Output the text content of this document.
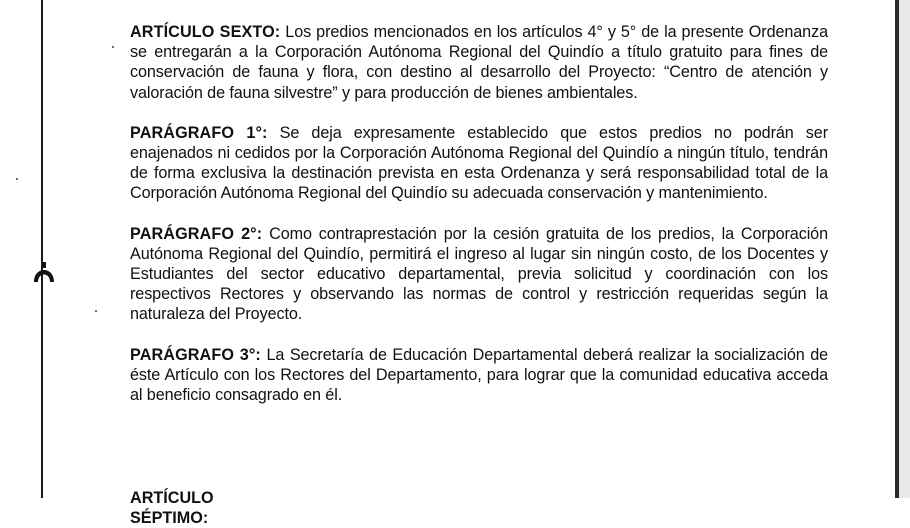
ARTÍCULO SEXTO: Los predios mencionados en los artículos 4° y 5° de la presente Ordenanza se entregarán a la Corporación Autónoma Regional del Quindío a título gratuito para fines de conservación de fauna y flora, con destino al desarrollo del Proyecto: “Centro de atención y valoración de fauna silvestre” y para producción de bienes ambientales.

PARÁGRAFO 1°: Se deja expresamente establecido que estos predios no podrán ser enajenados ni cedidos por la Corporación Autónoma Regional del Quindío a ningún título, tendrán de forma exclusiva la destinación prevista en esta Ordenanza y será responsabilidad total de la Corporación Autónoma Regional del Quindío su adecuada conservación y mantenimiento.

PARÁGRAFO 2°: Como contraprestación por la cesión gratuita de los predios, la Corporación Autónoma Regional del Quindío, permitirá el ingreso al lugar sin ningún costo, de los Docentes y Estudiantes del sector educativo departamental, previa solicitud y coordinación con los respectivos Rectores y observando las normas de control y restricción requeridas según la naturaleza del Proyecto.

PARÁGRAFO 3°: La Secretaría de Educación Departamental deberá realizar la socialización de éste Artículo con los Rectores del Departamento, para lograr que la comunidad educativa acceda al beneficio consagrado en él.

ARTÍCULO SÉPTIMO:
